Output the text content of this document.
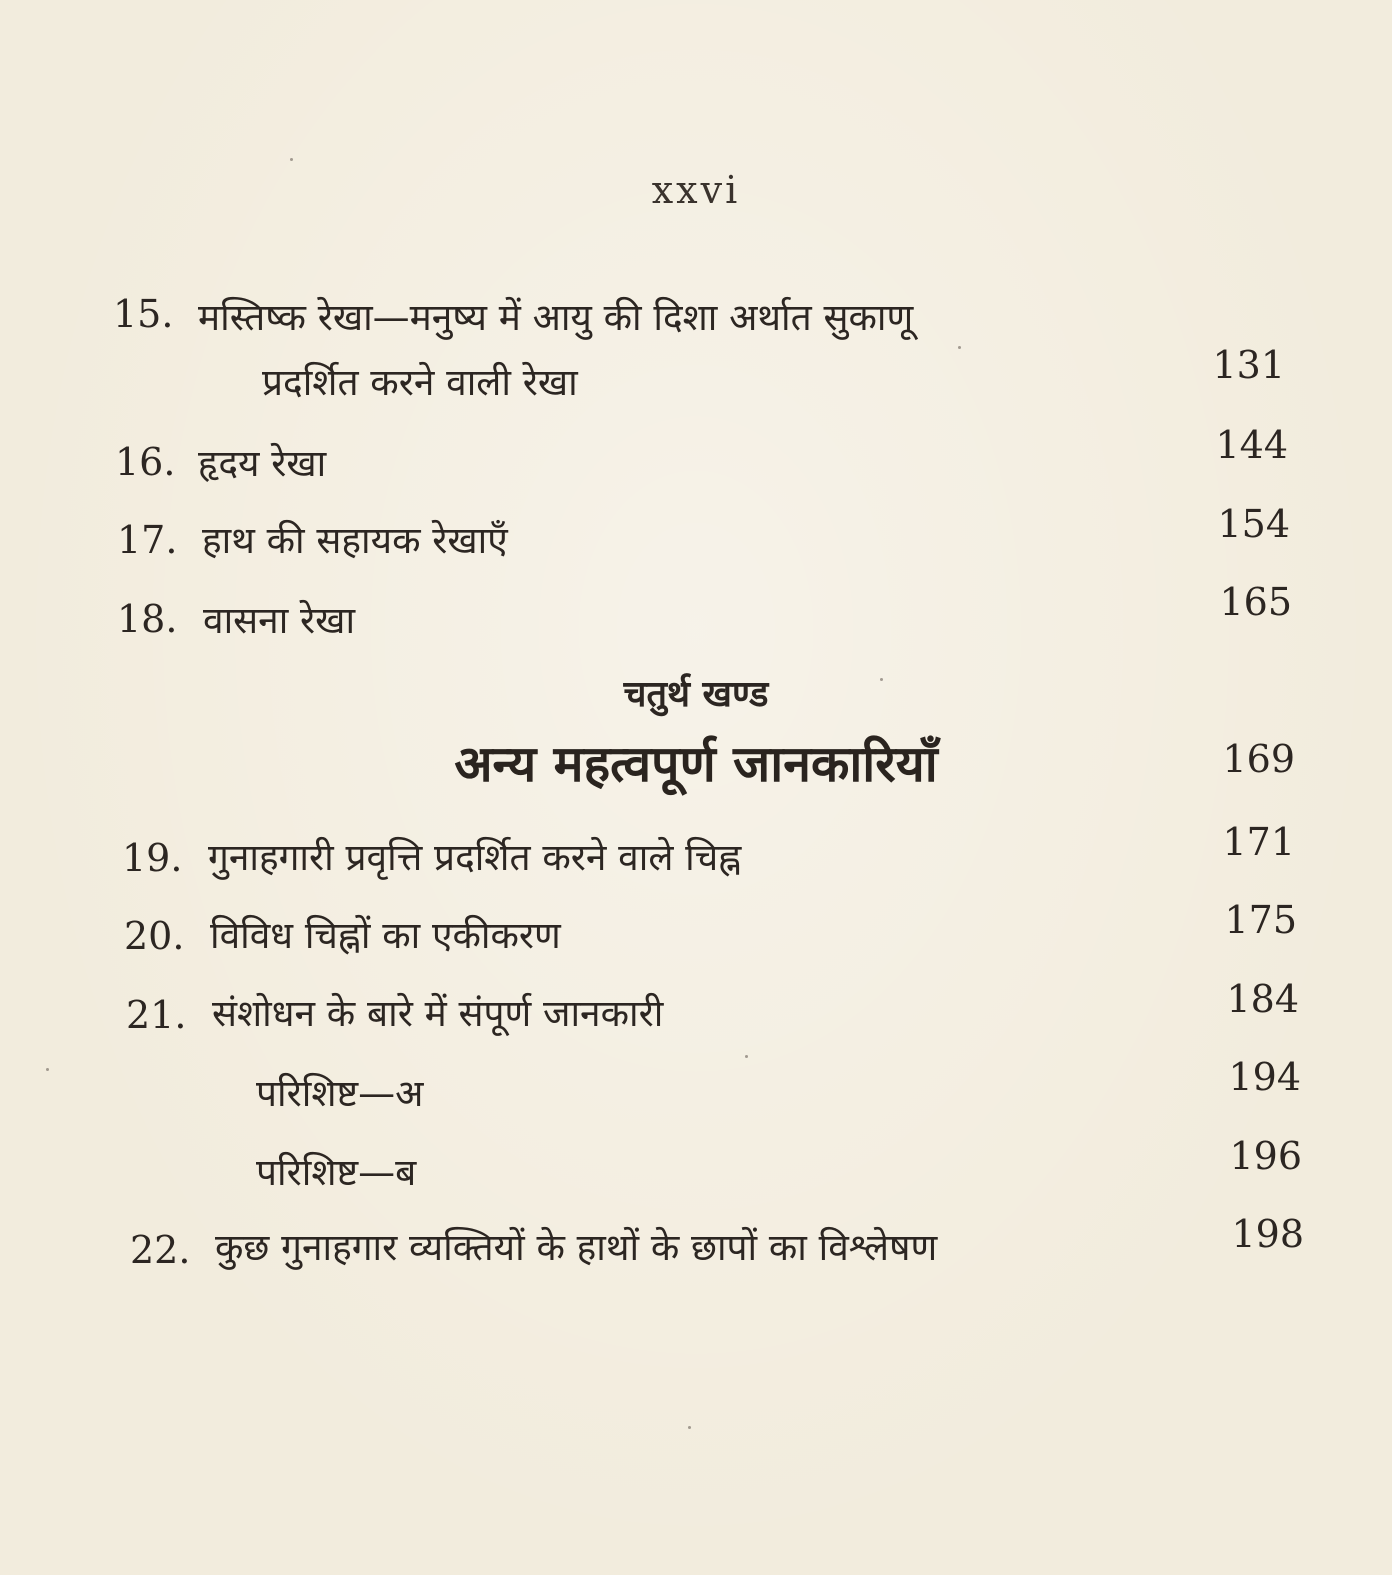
xxvi
15. मस्तिष्क रेखा—मनुष्य में आयु की दिशा अर्थात सुकाणू
प्रदर्शित करने वाली रेखा	131
16. हृदय रेखा	144
17. हाथ की सहायक रेखाएँ	154
18. वासना रेखा	165
चतुर्थ खण्ड
अन्य महत्वपूर्ण जानकारियाँ	169
19. गुनाहगारी प्रवृत्ति प्रदर्शित करने वाले चिह्न	171
20. विविध चिह्नों का एकीकरण	175
21. संशोधन के बारे में संपूर्ण जानकारी	184
परिशिष्ट—अ	194
परिशिष्ट—ब	196
22. कुछ गुनाहगार व्यक्तियों के हाथों के छापों का विश्लेषण	198
